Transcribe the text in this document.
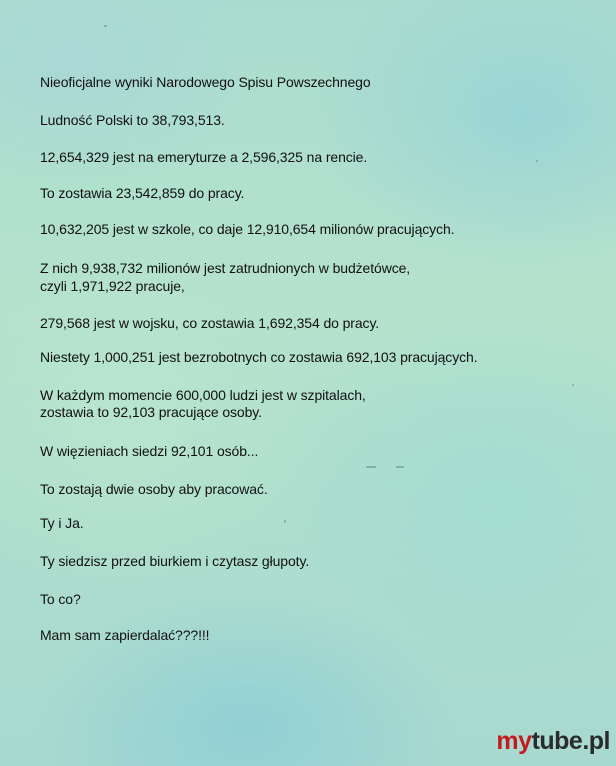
Nieoficjalne wyniki Narodowego Spisu Powszechnego
Ludność Polski to 38,793,513.
12,654,329 jest na emeryturze a 2,596,325 na rencie.
To zostawia 23,542,859 do pracy.
10,632,205 jest w szkole, co daje 12,910,654 milionów pracujących.
Z nich 9,938,732 milionów jest zatrudnionych w budżetówce,
czyli 1,971,922 pracuje,
279,568 jest w wojsku, co zostawia 1,692,354 do pracy.
Niestety 1,000,251 jest bezrobotnych co zostawia 692,103 pracujących.
W każdym momencie 600,000 ludzi jest w szpitalach,
zostawia to 92,103 pracujące osoby.
W więzieniach siedzi 92,101 osób...
To zostają dwie osoby aby pracować.
Ty i Ja.
Ty siedzisz przed biurkiem i czytasz głupoty.
To co?
Mam sam zapierdalać???!!!
mytube.pl
